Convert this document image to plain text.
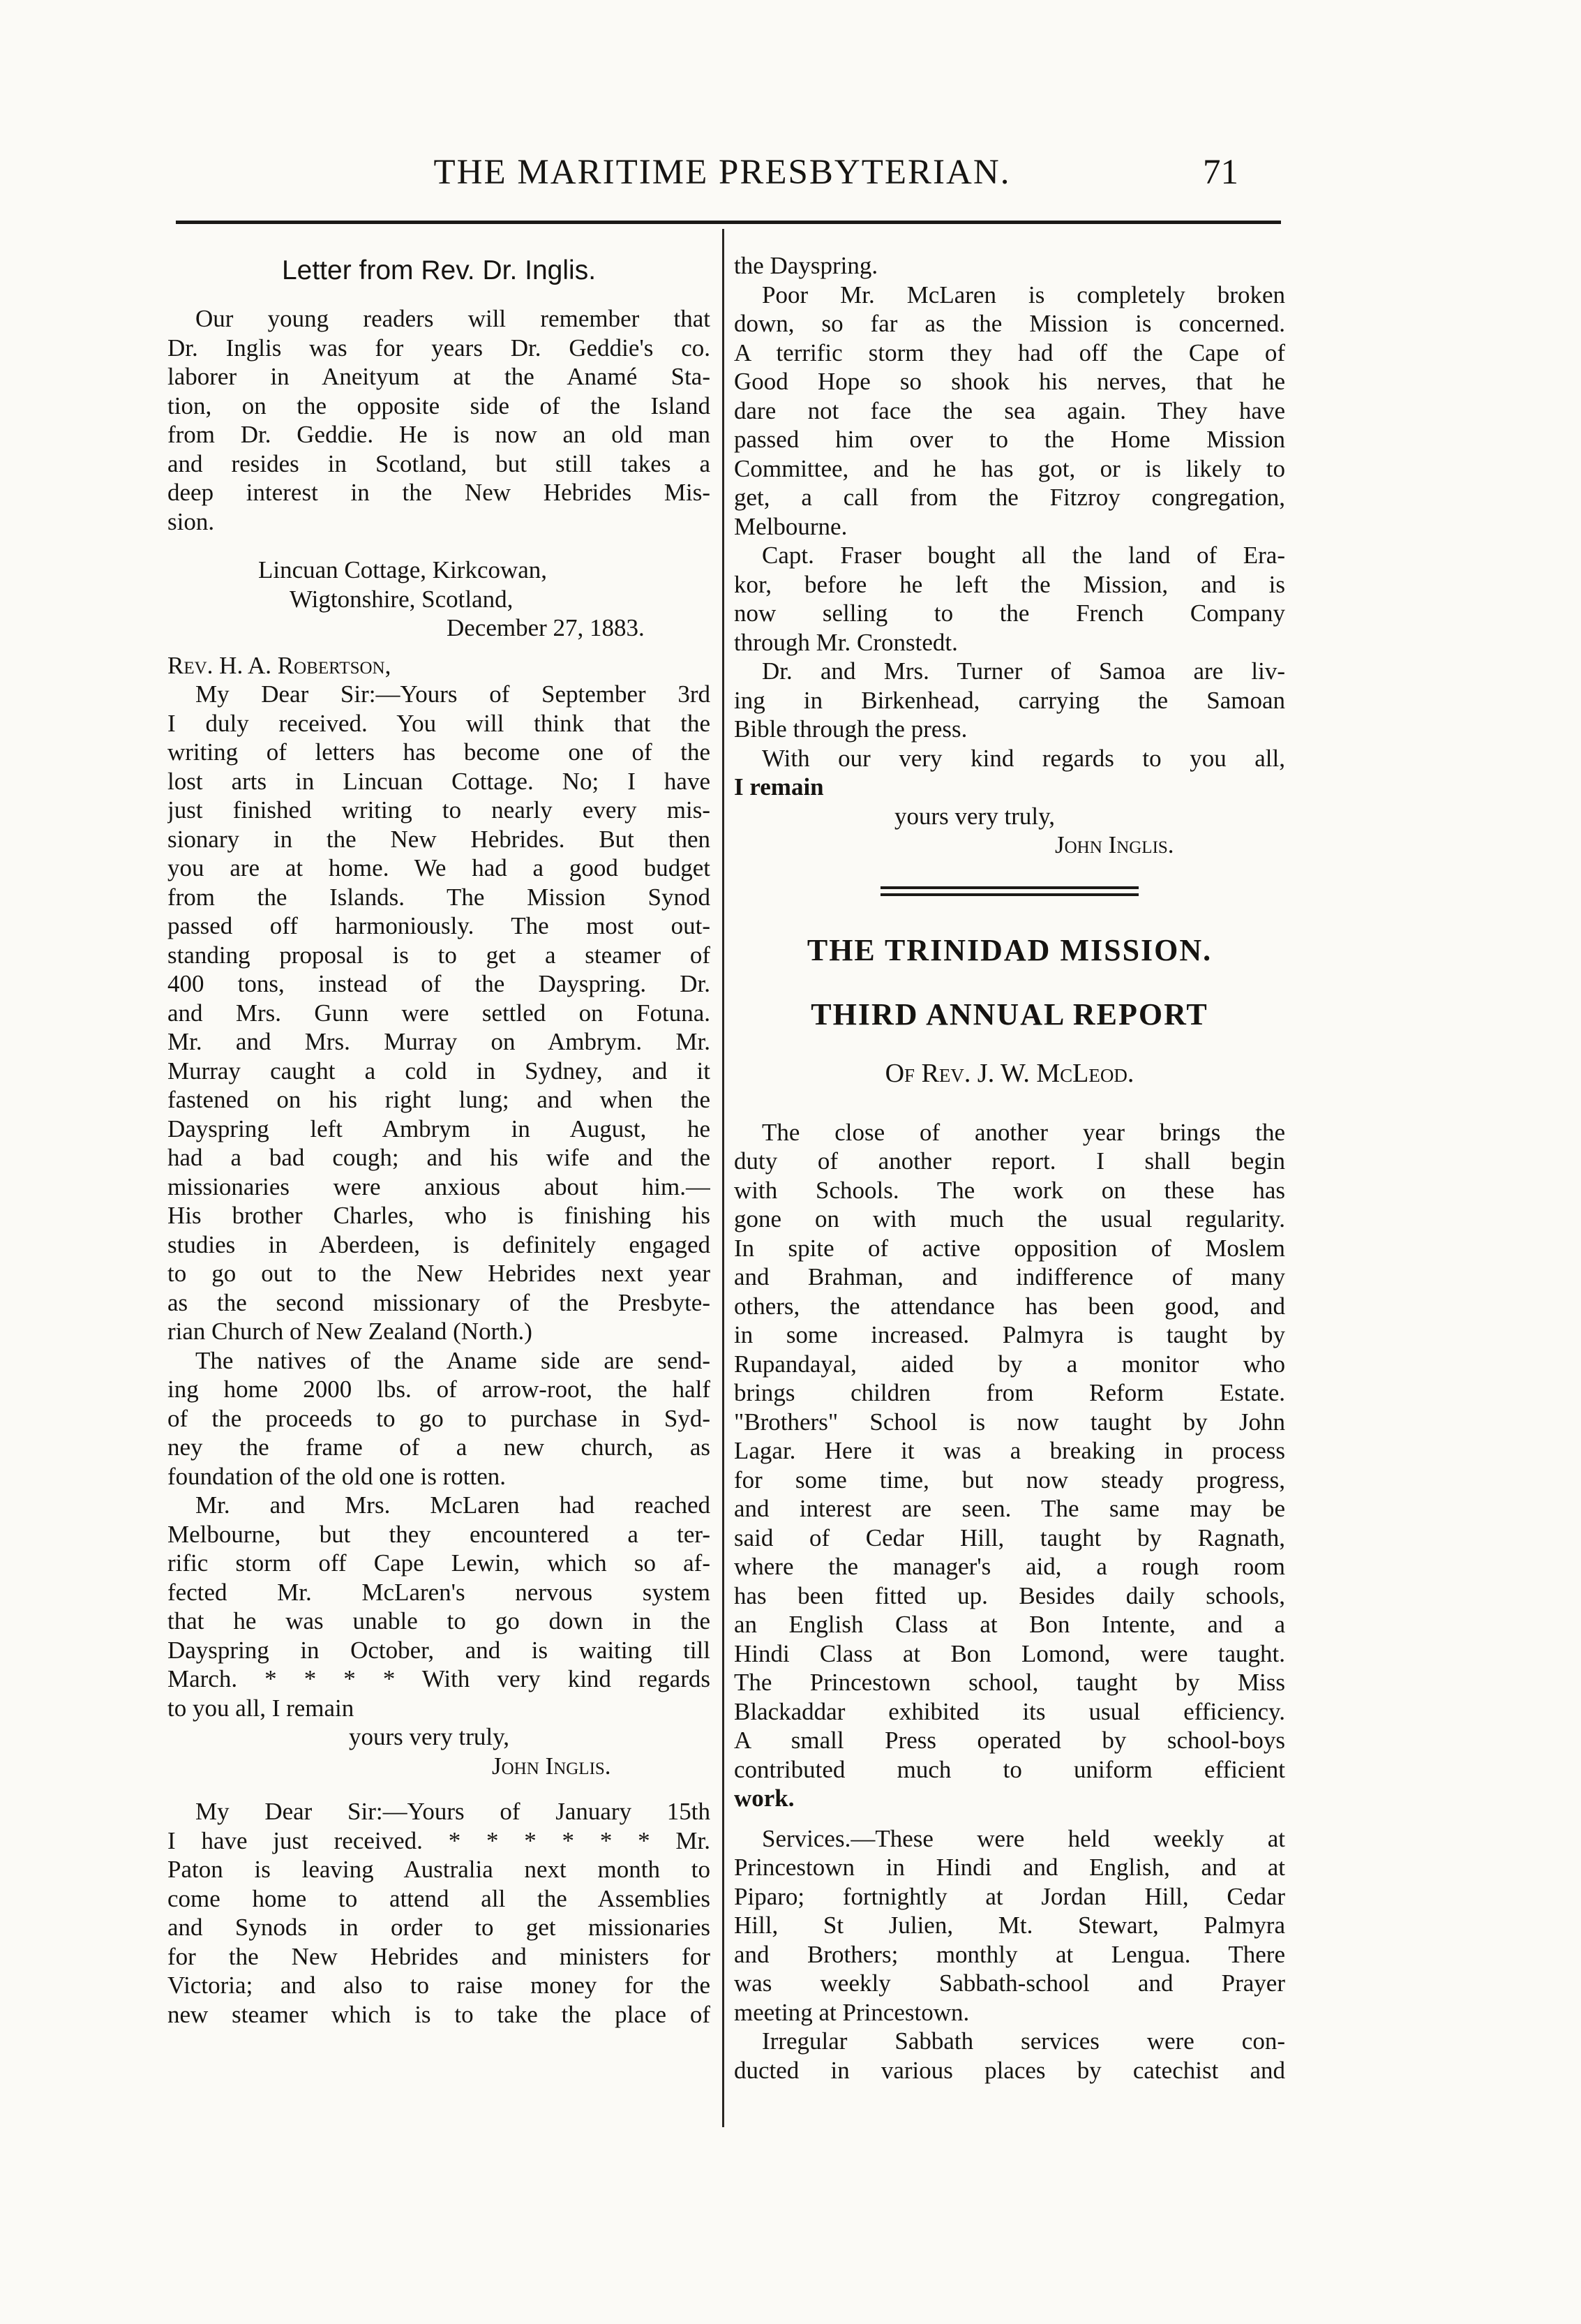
THE MARITIME PRESBYTERIAN.	71
Letter from Rev. Dr. Inglis.
Our young readers will remember that
Dr. Inglis was for years Dr. Geddie's co.
laborer in Aneityum at the Anamé Sta-
tion, on the opposite side of the Island
from Dr. Geddie. He is now an old man
and resides in Scotland, but still takes a
deep interest in the New Hebrides Mis-
sion.
Lincuan Cottage, Kirkcowan,
Wigtonshire, Scotland,
December 27, 1883.
Rev. H. A. Robertson,
My Dear Sir:—Yours of September 3rd
I duly received. You will think that the
writing of letters has become one of the
lost arts in Lincuan Cottage. No; I have
just finished writing to nearly every mis-
sionary in the New Hebrides. But then
you are at home. We had a good budget
from the Islands. The Mission Synod
passed off harmoniously. The most out-
standing proposal is to get a steamer of
400 tons, instead of the Dayspring. Dr.
and Mrs. Gunn were settled on Fotuna.
Mr. and Mrs. Murray on Ambrym. Mr.
Murray caught a cold in Sydney, and it
fastened on his right lung; and when the
Dayspring left Ambrym in August, he
had a bad cough; and his wife and the
missionaries were anxious about him.—
His brother Charles, who is finishing his
studies in Aberdeen, is definitely engaged
to go out to the New Hebrides next year
as the second missionary of the Presbyte-
rian Church of New Zealand (North.)
The natives of the Aname side are send-
ing home 2000 lbs. of arrow-root, the half
of the proceeds to go to purchase in Syd-
ney the frame of a new church, as
foundation of the old one is rotten.
Mr. and Mrs. McLaren had reached
Melbourne, but they encountered a ter-
rific storm off Cape Lewin, which so af-
fected Mr. McLaren's nervous system
that he was unable to go down in the
Dayspring in October, and is waiting till
March. * * * * With very kind regards
to you all, I remain
yours very truly,
John Inglis.
My Dear Sir:—Yours of January 15th
I have just received. * * * * * * Mr.
Paton is leaving Australia next month to
come home to attend all the Assemblies
and Synods in order to get missionaries
for the New Hebrides and ministers for
Victoria; and also to raise money for the
new steamer which is to take the place of
the Dayspring.
Poor Mr. McLaren is completely broken
down, so far as the Mission is concerned.
A terrific storm they had off the Cape of
Good Hope so shook his nerves, that he
dare not face the sea again. They have
passed him over to the Home Mission
Committee, and he has got, or is likely to
get, a call from the Fitzroy congregation,
Melbourne.
Capt. Fraser bought all the land of Era-
kor, before he left the Mission, and is
now selling to the French Company
through Mr. Cronstedt.
Dr. and Mrs. Turner of Samoa are liv-
ing in Birkenhead, carrying the Samoan
Bible through the press.
With our very kind regards to you all,
I remain
yours very truly,
John Inglis.
THE TRINIDAD MISSION.
THIRD ANNUAL REPORT
Of Rev. J. W. McLeod.
The close of another year brings the
duty of another report. I shall begin
with Schools. The work on these has
gone on with much the usual regularity.
In spite of active opposition of Moslem
and Brahman, and indifference of many
others, the attendance has been good, and
in some increased. Palmyra is taught by
Rupandayal, aided by a monitor who
brings children from Reform Estate.
"Brothers" School is now taught by John
Lagar. Here it was a breaking in process
for some time, but now steady progress,
and interest are seen. The same may be
said of Cedar Hill, taught by Ragnath,
where the manager's aid, a rough room
has been fitted up. Besides daily schools,
an English Class at Bon Intente, and a
Hindi Class at Bon Lomond, were taught.
The Princestown school, taught by Miss
Blackaddar exhibited its usual efficiency.
A small Press operated by school-boys
contributed much to uniform efficient
work.
Services.—These were held weekly at
Princestown in Hindi and English, and at
Piparo; fortnightly at Jordan Hill, Cedar
Hill, St Julien, Mt. Stewart, Palmyra
and Brothers; monthly at Lengua. There
was weekly Sabbath-school and Prayer
meeting at Princestown.
Irregular Sabbath services were con-
ducted in various places by catechist and
